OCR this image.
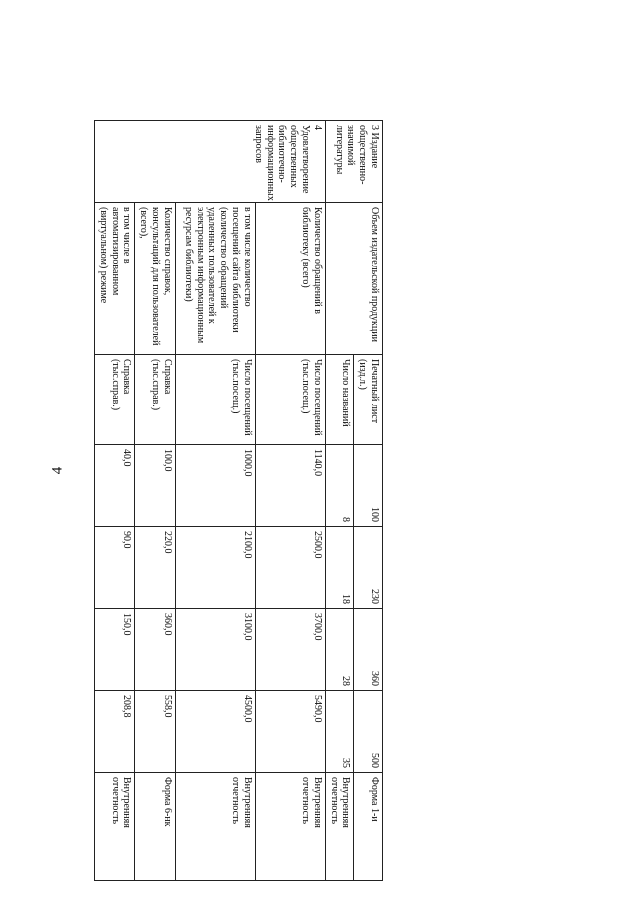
4
3 Издание общественно-значимой литературы	Объем издательской продукции	Печатный лист (изд.л.)	100	230	360	500	Форма 1-и
		Число названий	8	18	28	35	Внутренняя отчетность
4 Удовлетворение общественных библиотечно-информационных запросов	Количество обращений в библиотеку (всего)	Число посещений (тыс.посещ.)	1140,0	2500,0	3700,0	5490,0	Внутренняя отчетность
	в том числе количество посещений сайта библиотеки (количество обращений удаленных пользователей к электронным информационным ресурсам библиотеки)	Число посещений (тыс.посещ.)	1000,0	2100,0	3100,0	4500,0	Внутренняя отчетность
	Количество справок, консультаций для пользователей (всего),	Справка (тыс.справ.)	100,0	220,0	360,0	558,0	Форма 6-нк
	в том числе в автоматизированном (виртуальном) режиме	Справка (тыс.справ.)	40,0	90,0	150,0	208,8	Внутренняя отчетность
